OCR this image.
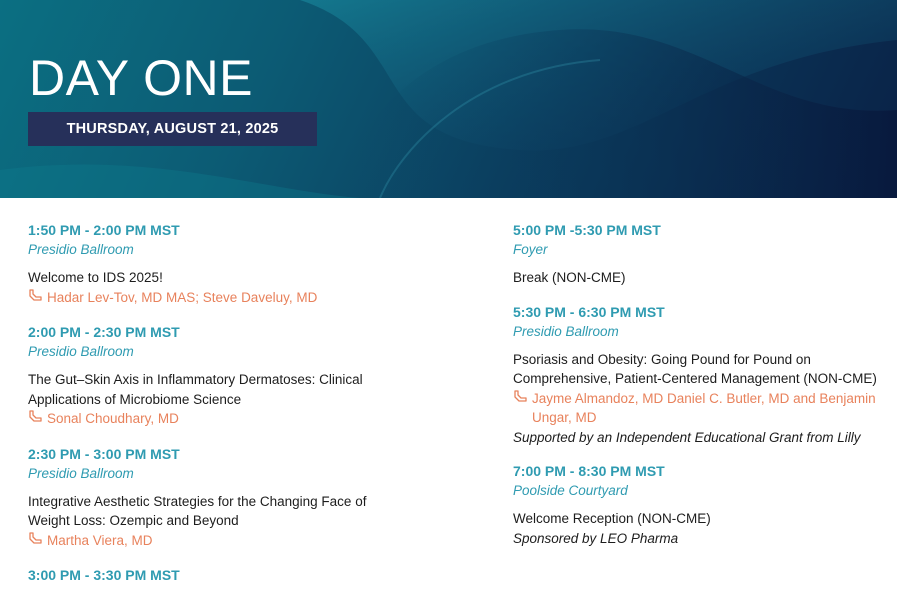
DAY ONE
THURSDAY, AUGUST 21, 2025
1:50 PM - 2:00 PM MST
Presidio Ballroom
Welcome to IDS 2025!
Hadar Lev-Tov, MD MAS; Steve Daveluy, MD
2:00 PM - 2:30 PM MST
Presidio Ballroom
The Gut–Skin Axis in Inflammatory Dermatoses: Clinical Applications of Microbiome Science
Sonal Choudhary, MD
2:30 PM - 3:00 PM MST
Presidio Ballroom
Integrative Aesthetic Strategies for the Changing Face of Weight Loss: Ozempic and Beyond
Martha Viera, MD
3:00 PM - 3:30 PM MST
5:00 PM -5:30 PM MST
Foyer
Break (NON-CME)
5:30 PM - 6:30 PM MST
Presidio Ballroom
Psoriasis and Obesity: Going Pound for Pound on Comprehensive, Patient-Centered Management (NON-CME)
Jayme Almandoz, MD Daniel C. Butler, MD and Benjamin Ungar, MD
Supported by an Independent Educational Grant from Lilly
7:00 PM - 8:30 PM MST
Poolside Courtyard
Welcome Reception (NON-CME)
Sponsored by LEO Pharma
